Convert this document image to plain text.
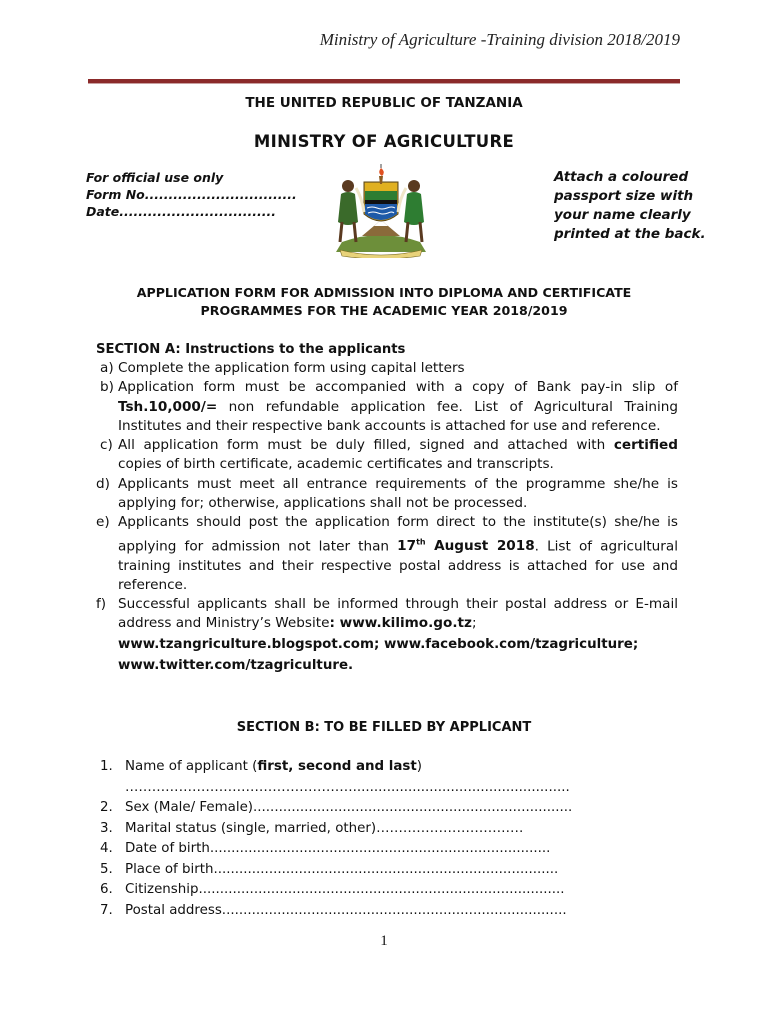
Ministry of Agriculture -Training division 2018/2019
THE UNITED REPUBLIC OF TANZANIA
MINISTRY OF AGRICULTURE
For official use only
Form No................................
Date.................................
Attach a coloured
passport size with
your name clearly
printed at the back.
APPLICATION FORM FOR ADMISSION INTO DIPLOMA AND CERTIFICATE
PROGRAMMES FOR THE ACADEMIC YEAR 2018/2019
SECTION A: Instructions to the applicants
a) Complete the application form using capital letters
b) Application form must be accompanied with a copy of Bank pay-in slip of Tsh.10,000/= non refundable application fee. List of Agricultural Training Institutes and their respective bank accounts is attached for use and reference.
c) All application form must be duly filled, signed and attached with certified copies of birth certificate, academic certificates and transcripts.
d) Applicants must meet all entrance requirements of the programme she/he is applying for; otherwise, applications shall not be processed.
e) Applicants should post the application form direct to the institute(s) she/he is applying for admission not later than 17th August 2018. List of agricultural training institutes and their respective postal address is attached for use and reference.
f) Successful applicants shall be informed through their postal address or E-mail address and Ministry’s Website: www.kilimo.go.tz;
www.tzangriculture.blogspot.com; www.facebook.com/tzagriculture;
www.twitter.com/tzagriculture.
SECTION B: TO BE FILLED BY APPLICANT
1. Name of applicant (first, second and last)
……………………………………………...................................................
2. Sex (Male/ Female)...........................................................................
3. Marital status (single, married, other)……………………………
4. Date of birth................................................................................
5. Place of birth.................................................................................
6. Citizenship......................................................................................
7. Postal address.................................................................................
1
